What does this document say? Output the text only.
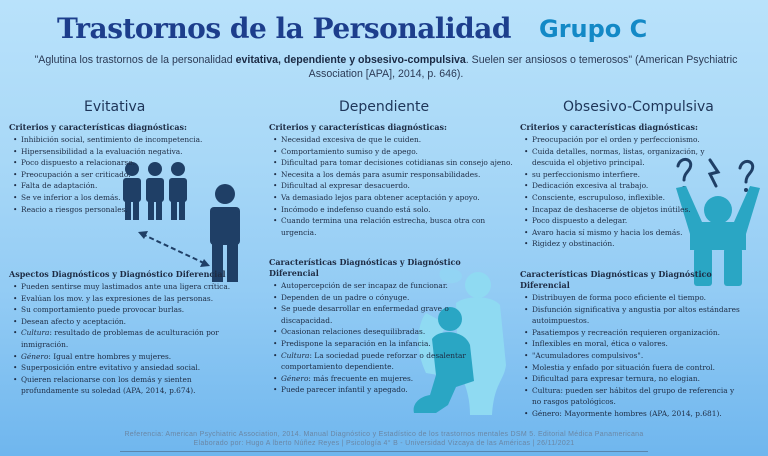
Trastornos de la Personalidad Grupo C
"Aglutina los trastornos de la personalidad evitativa, dependiente y obsesivo-compulsiva. Suelen ser ansiosos o temerosos" (American Psychiatric Association [APA], 2014, p. 646).
Evitativa	Dependiente	Obsesivo-Compulsiva
Criterios y características diagnósticas:
• Inhibición social, sentimiento de incompetencia.
• Hipersensibilidad a la evaluación negativa.
• Poco dispuesto a relacionarse.
• Preocupación a ser criticado.
• Falta de adaptación.
• Se ve inferior a los demás.
• Reacio a riesgos personales.
Aspectos Diagnósticos y Diagnóstico Diferencial
• Pueden sentirse muy lastimados ante una ligera crítica.
• Evalúan los mov. y las expresiones de las personas.
• Su comportamiento puede provocar burlas.
• Desean afecto y aceptación.
• Cultura: resultado de problemas de aculturación por inmigración.
• Género: Igual entre hombres y mujeres.
• Superposición entre evitativo y ansiedad social.
• Quieren relacionarse con los demás y sienten profundamente su soledad (APA, 2014, p.674).
Criterios y características diagnósticas:
• Necesidad excesiva de que le cuiden.
• Comportamiento sumiso y de apego.
• Dificultad para tomar decisiones cotidianas sin consejo ajeno.
• Necesita a los demás para asumir responsabilidades.
• Dificultad al expresar desacuerdo.
• Va demasiado lejos para obtener aceptación y apoyo.
• Incómodo e indefenso cuando está solo.
• Cuando termina una relación estrecha, busca otra con urgencia.
Características Diagnósticas y Diagnóstico Diferencial
• Autopercepción de ser incapaz de funcionar.
• Dependen de un padre o cónyuge.
• Se puede desarrollar en enfermedad grave o discapacidad.
• Ocasionan relaciones desequilibradas.
• Predispone la separación en la infancia.
• Cultura: La sociedad puede reforzar o desalentar comportamiento dependiente.
• Género: más frecuente en mujeres.
• Puede parecer infantil y apegado.
Criterios y características diagnósticas:
• Preocupación por el orden y perfeccionismo.
• Cuida detalles, normas, listas, organización, y descuida el objetivo principal.
• su perfeccionismo interfiere.
• Dedicación excesiva al trabajo.
• Consciente, escrupuloso, inflexible.
• Incapaz de deshacerse de objetos inútiles.
• Poco dispuesto a delegar.
• Avaro hacia sí mismo y hacia los demás.
• Rigidez y obstinación.
Características Diagnósticas y Diagnóstico Diferencial
• Distribuyen de forma poco eficiente el tiempo.
• Disfunción significativa y angustia por altos estándares autoimpuestos.
• Pasatiempos y recreación requieren organización.
• Inflexibles en moral, ética o valores.
• "Acumuladores compulsivos".
• Molestia y enfado por situación fuera de control.
• Dificultad para expresar ternura, no elogian.
• Cultura: pueden ser hábitos del grupo de referencia y no rasgos patológicos.
• Género: Mayormente hombres (APA, 2014, p.681).
Referencia: American Psychiatric Association, 2014. Manual Diagnóstico y Estadístico de los trastornos mentales DSM 5. Editorial Médica Panamericana
Elaborado por: Hugo A lberto Núñez Reyes | Psicología 4° B - Universidad Vizcaya de las Américas | 26/11/2021
